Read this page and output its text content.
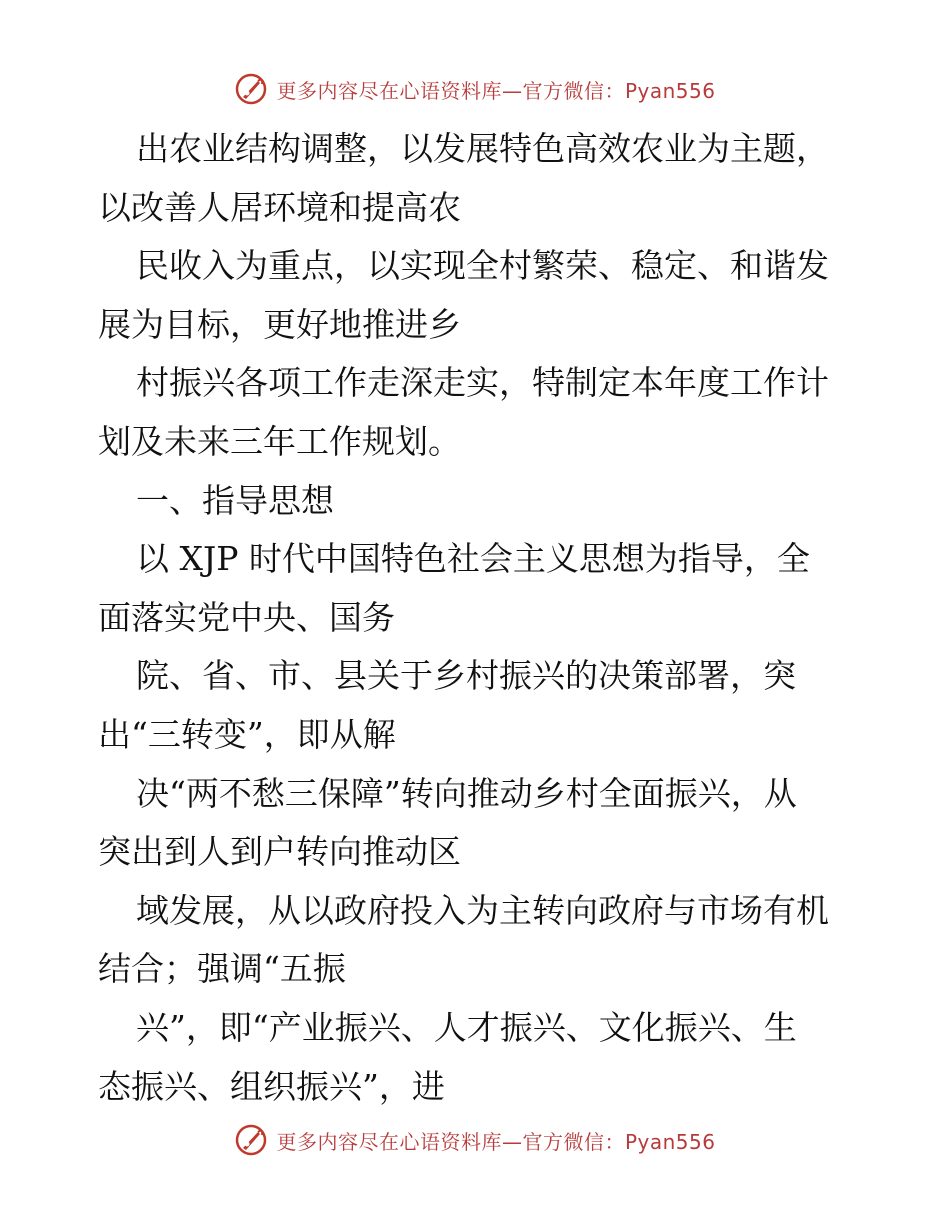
更多内容尽在心语资料库—官方微信：Pyan556
出农业结构调整，以发展特色高效农业为主题，
以改善人居环境和提高农
民收入为重点，以实现全村繁荣、稳定、和谐发
展为目标，更好地推进乡
村振兴各项工作走深走实，特制定本年度工作计
划及未来三年工作规划。
一、指导思想
以 XJP 时代中国特色社会主义思想为指导，全
面落实党中央、国务
院、省、市、县关于乡村振兴的决策部署，突
出“三转变”，即从解
决“两不愁三保障”转向推动乡村全面振兴，从
突出到人到户转向推动区
域发展，从以政府投入为主转向政府与市场有机
结合；强调“五振
兴”，即“产业振兴、人才振兴、文化振兴、生
态振兴、组织振兴”，进
更多内容尽在心语资料库—官方微信：Pyan556
